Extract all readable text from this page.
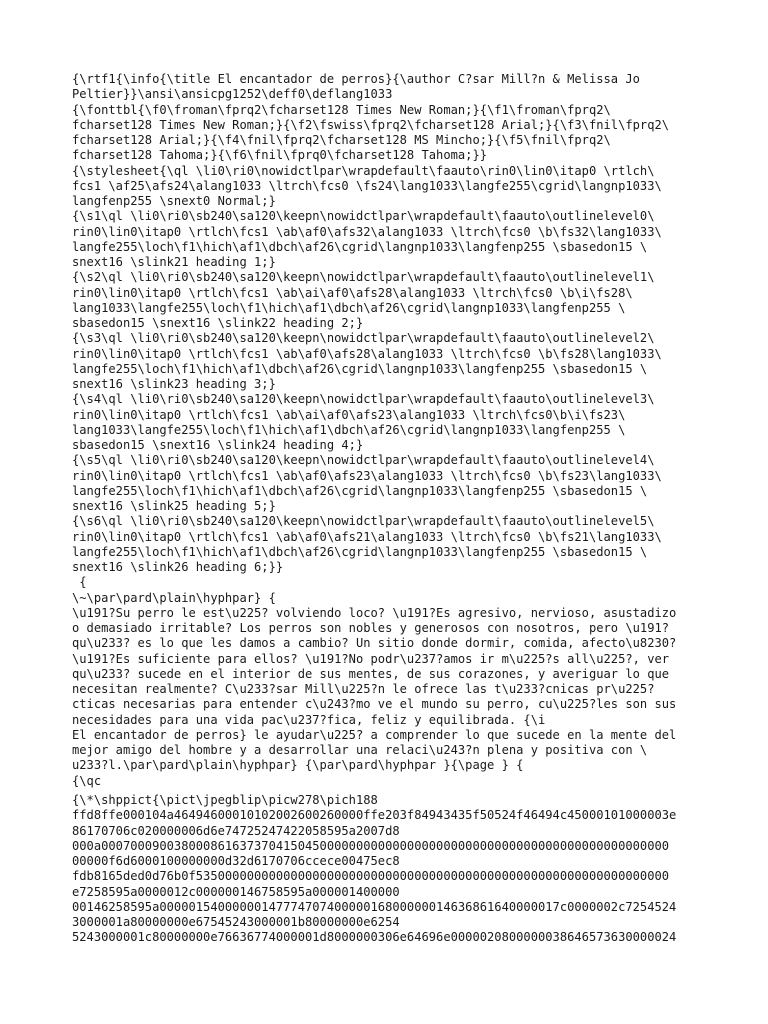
{\rtf1{\info{\title El encantador de perros}{\author C?sar Mill?n & Melissa Jo
Peltier}}\ansi\ansicpg1252\deff0\deflang1033
{\fonttbl{\f0\froman\fprq2\fcharset128 Times New Roman;}{\f1\froman\fprq2\
fcharset128 Times New Roman;}{\f2\fswiss\fprq2\fcharset128 Arial;}{\f3\fnil\fprq2\
fcharset128 Arial;}{\f4\fnil\fprq2\fcharset128 MS Mincho;}{\f5\fnil\fprq2\
fcharset128 Tahoma;}{\f6\fnil\fprq0\fcharset128 Tahoma;}}
{\stylesheet{\ql \li0\ri0\nowidctlpar\wrapdefault\faauto\rin0\lin0\itap0 \rtlch\
fcs1 \af25\afs24\alang1033 \ltrch\fcs0 \fs24\lang1033\langfe255\cgrid\langnp1033\
langfenp255 \snext0 Normal;}
{\s1\ql \li0\ri0\sb240\sa120\keepn\nowidctlpar\wrapdefault\faauto\outlinelevel0\
rin0\lin0\itap0 \rtlch\fcs1 \ab\af0\afs32\alang1033 \ltrch\fcs0 \b\fs32\lang1033\
langfe255\loch\f1\hich\af1\dbch\af26\cgrid\langnp1033\langfenp255 \sbasedon15 \
snext16 \slink21 heading 1;}
{\s2\ql \li0\ri0\sb240\sa120\keepn\nowidctlpar\wrapdefault\faauto\outlinelevel1\
rin0\lin0\itap0 \rtlch\fcs1 \ab\ai\af0\afs28\alang1033 \ltrch\fcs0 \b\i\fs28\
lang1033\langfe255\loch\f1\hich\af1\dbch\af26\cgrid\langnp1033\langfenp255 \
sbasedon15 \snext16 \slink22 heading 2;}
{\s3\ql \li0\ri0\sb240\sa120\keepn\nowidctlpar\wrapdefault\faauto\outlinelevel2\
rin0\lin0\itap0 \rtlch\fcs1 \ab\af0\afs28\alang1033 \ltrch\fcs0 \b\fs28\lang1033\
langfe255\loch\f1\hich\af1\dbch\af26\cgrid\langnp1033\langfenp255 \sbasedon15 \
snext16 \slink23 heading 3;}
{\s4\ql \li0\ri0\sb240\sa120\keepn\nowidctlpar\wrapdefault\faauto\outlinelevel3\
rin0\lin0\itap0 \rtlch\fcs1 \ab\ai\af0\afs23\alang1033 \ltrch\fcs0\b\i\fs23\
lang1033\langfe255\loch\f1\hich\af1\dbch\af26\cgrid\langnp1033\langfenp255 \
sbasedon15 \snext16 \slink24 heading 4;}
{\s5\ql \li0\ri0\sb240\sa120\keepn\nowidctlpar\wrapdefault\faauto\outlinelevel4\
rin0\lin0\itap0 \rtlch\fcs1 \ab\af0\afs23\alang1033 \ltrch\fcs0 \b\fs23\lang1033\
langfe255\loch\f1\hich\af1\dbch\af26\cgrid\langnp1033\langfenp255 \sbasedon15 \
snext16 \slink25 heading 5;}
{\s6\ql \li0\ri0\sb240\sa120\keepn\nowidctlpar\wrapdefault\faauto\outlinelevel5\
rin0\lin0\itap0 \rtlch\fcs1 \ab\af0\afs21\alang1033 \ltrch\fcs0 \b\fs21\lang1033\
langfe255\loch\f1\hich\af1\dbch\af26\cgrid\langnp1033\langfenp255 \sbasedon15 \
snext16 \slink26 heading 6;}}
{
\~\par\pard\plain\hyphpar} {
\u191?Su perro le est\u225? volviendo loco? \u191?Es agresivo, nervioso, asustadizo
o demasiado irritable? Los perros son nobles y generosos con nosotros, pero \u191?
qu\u233? es lo que les damos a cambio? Un sitio donde dormir, comida, afecto\u8230?
\u191?Es suficiente para ellos? \u191?No podr\u237?amos ir m\u225?s all\u225?, ver
qu\u233? sucede en el interior de sus mentes, de sus corazones, y averiguar lo que
necesitan realmente? C\u233?sar Mill\u225?n le ofrece las t\u233?cnicas pr\u225?
cticas necesarias para entender c\u243?mo ve el mundo su perro, cu\u225?les son sus
necesidades para una vida pac\u237?fica, feliz y equilibrada. {\i
El encantador de perros} le ayudar\u225? a comprender lo que sucede en la mente del
mejor amigo del hombre y a desarrollar una relaci\u243?n plena y positiva con \
u233?l.\par\pard\plain\hyphpar} {\par\pard\hyphpar }{\page } {
{\qc
{\*\shppict{\pict\jpegblip\picw278\pich188
ffd8ffe000104a46494600010102002600260000ffe203f84943435f50524f46494c45000101000003e
86170706c020000006d6e74725247422058595a2007d8
000a000700090038000861637370415045000000000000000000000000000000000000000000000000
00000f6d6000100000000d32d6170706ccece00475ec8
fdb8165ded0d76b0f53500000000000000000000000000000000000000000000000000000000000000
e7258595a0000012c000000146758595a000001400000
00146258595a0000015400000014777470740000016800000014636861640000017c0000002c7254524
3000001a80000000e67545243000001b80000000e6254
5243000001c80000000e76636774000001d8000000306e64696e0000020800000038646573630000024
